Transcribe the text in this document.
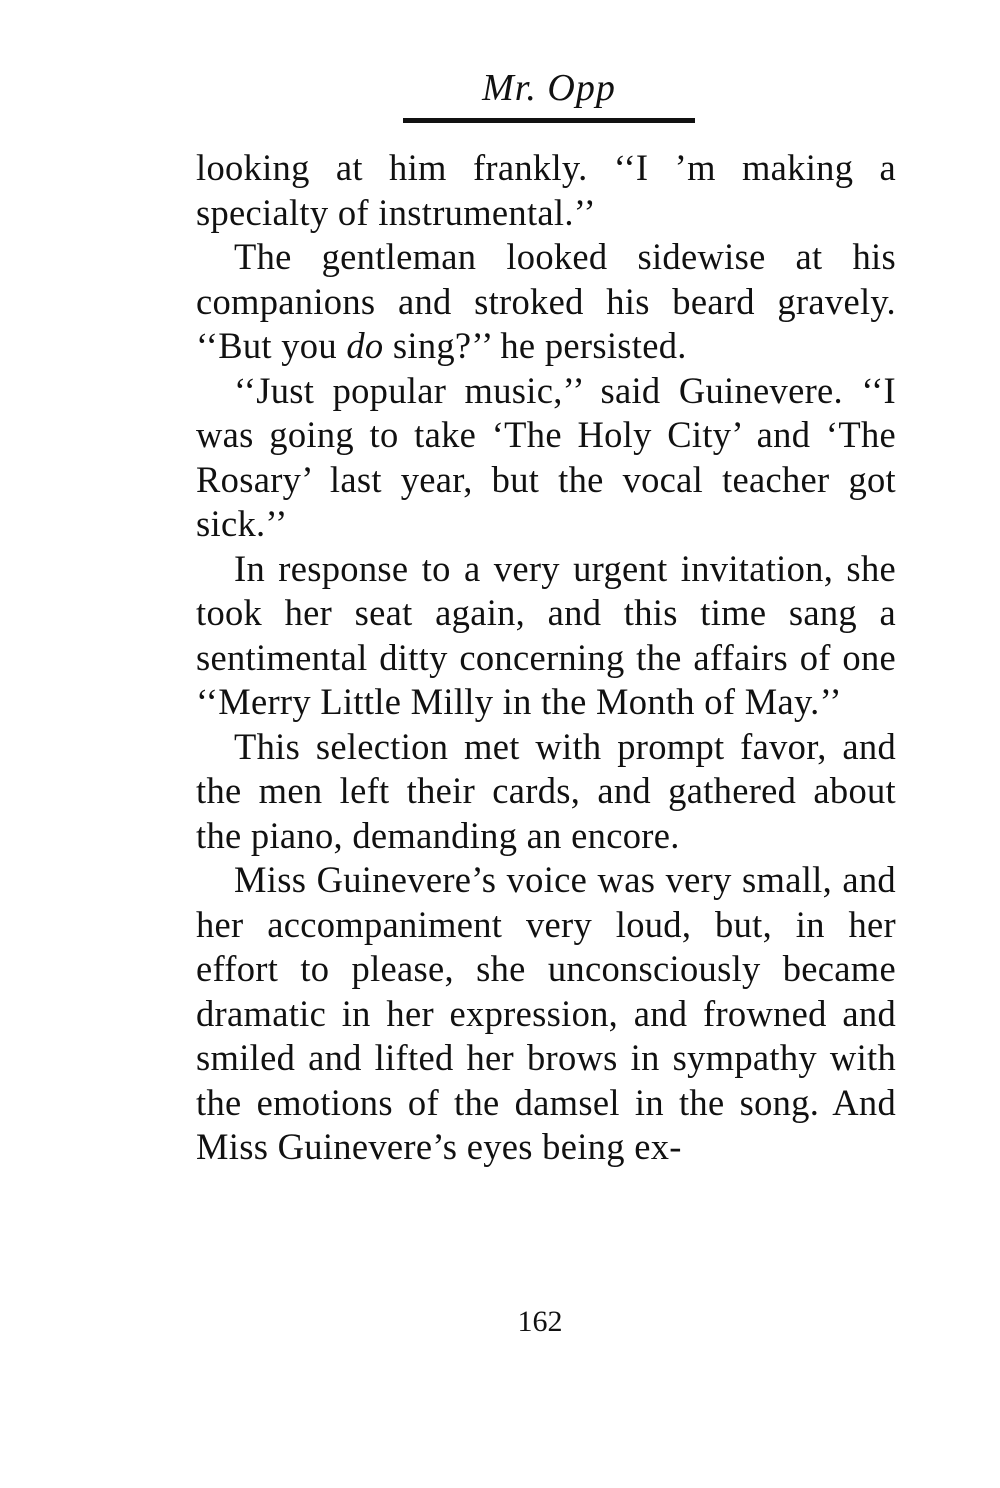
Mr. Opp

looking at him frankly. ‘‘I ’m making a specialty of instrumental.’’

The gentleman looked sidewise at his companions and stroked his beard gravely. ‘‘But you do sing?’’ he persisted.

‘‘Just popular music,’’ said Guinevere. ‘‘I was going to take ‘The Holy City’ and ‘The Rosary’ last year, but the vocal teacher got sick.’’

In response to a very urgent invitation, she took her seat again, and this time sang a sentimental ditty concerning the affairs of one ‘‘Merry Little Milly in the Month of May.’’

This selection met with prompt favor, and the men left their cards, and gathered about the piano, demanding an encore.

Miss Guinevere’s voice was very small, and her accompaniment very loud, but, in her effort to please, she unconsciously became dramatic in her expression, and frowned and smiled and lifted her brows in sympathy with the emotions of the damsel in the song. And Miss Guinevere’s eyes being ex-

162
